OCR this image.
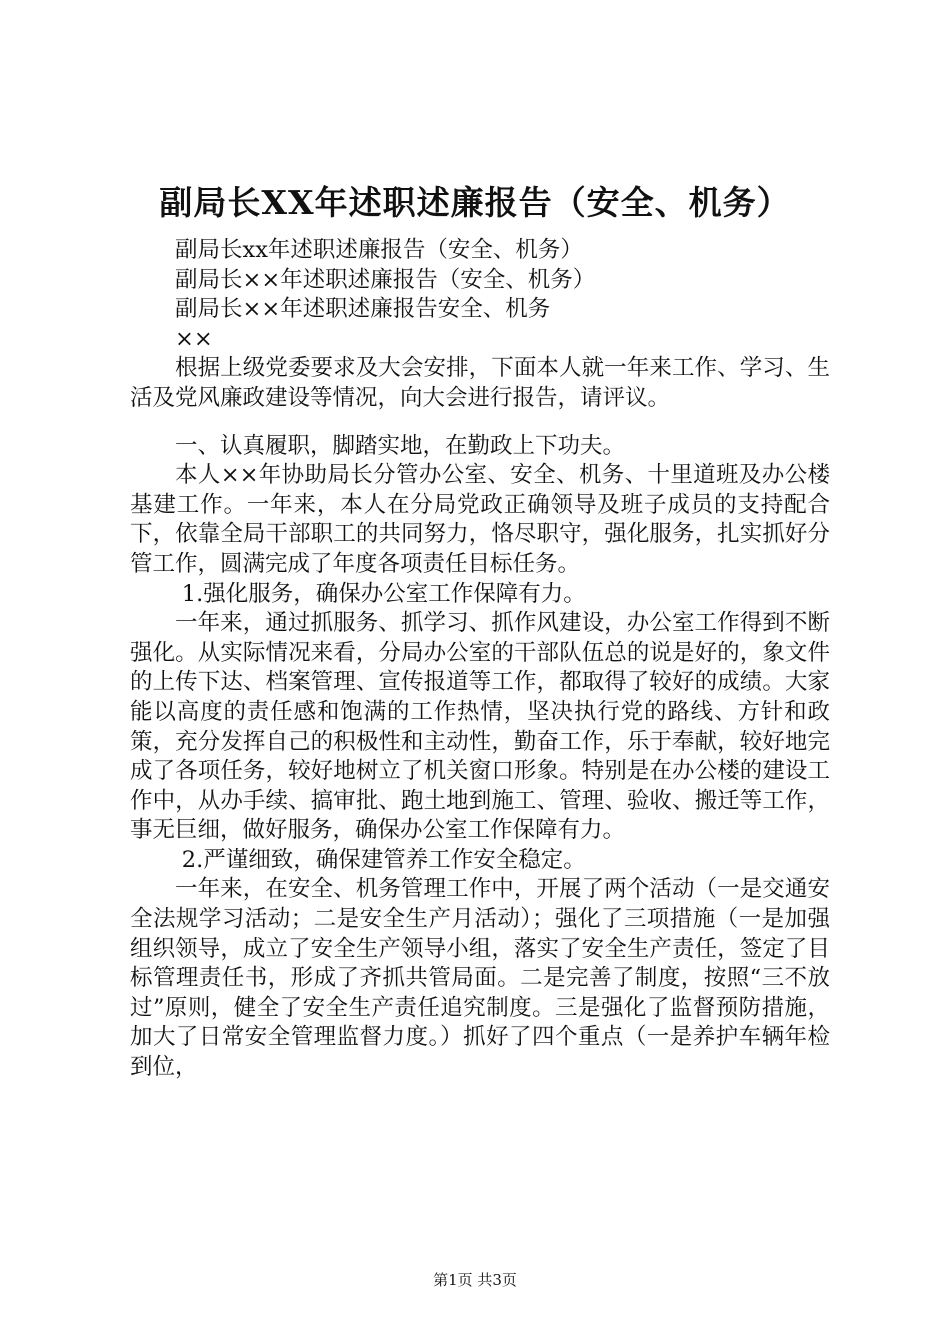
副局长XX年述职述廉报告（安全、机务）

副局长xx年述职述廉报告（安全、机务）

副局长××年述职述廉报告（安全、机务）

副局长××年述职述廉报告安全、机务

××

根据上级党委要求及大会安排，下面本人就一年来工作、学习、生活及党风廉政建设等情况，向大会进行报告，请评议。

一、认真履职，脚踏实地，在勤政上下功夫。

本人××年协助局长分管办公室、安全、机务、十里道班及办公楼基建工作。一年来，本人在分局党政正确领导及班子成员的支持配合下，依靠全局干部职工的共同努力，恪尽职守，强化服务，扎实抓好分管工作，圆满完成了年度各项责任目标任务。

1.强化服务，确保办公室工作保障有力。

一年来，通过抓服务、抓学习、抓作风建设，办公室工作得到不断强化。从实际情况来看，分局办公室的干部队伍总的说是好的，象文件的上传下达、档案管理、宣传报道等工作，都取得了较好的成绩。大家能以高度的责任感和饱满的工作热情，坚决执行党的路线、方针和政策，充分发挥自己的积极性和主动性，勤奋工作，乐于奉献，较好地完成了各项任务，较好地树立了机关窗口形象。特别是在办公楼的建设工作中，从办手续、搞审批、跑土地到施工、管理、验收、搬迁等工作，事无巨细，做好服务，确保办公室工作保障有力。

2.严谨细致，确保建管养工作安全稳定。

一年来，在安全、机务管理工作中，开展了两个活动（一是交通安全法规学习活动；二是安全生产月活动）；强化了三项措施（一是加强组织领导，成立了安全生产领导小组，落实了安全生产责任，签定了目标管理责任书，形成了齐抓共管局面。二是完善了制度，按照“三不放过”原则，健全了安全生产责任追究制度。三是强化了监督预防措施，加大了日常安全管理监督力度。）抓好了四个重点（一是养护车辆年检到位，

第1页 共3页
